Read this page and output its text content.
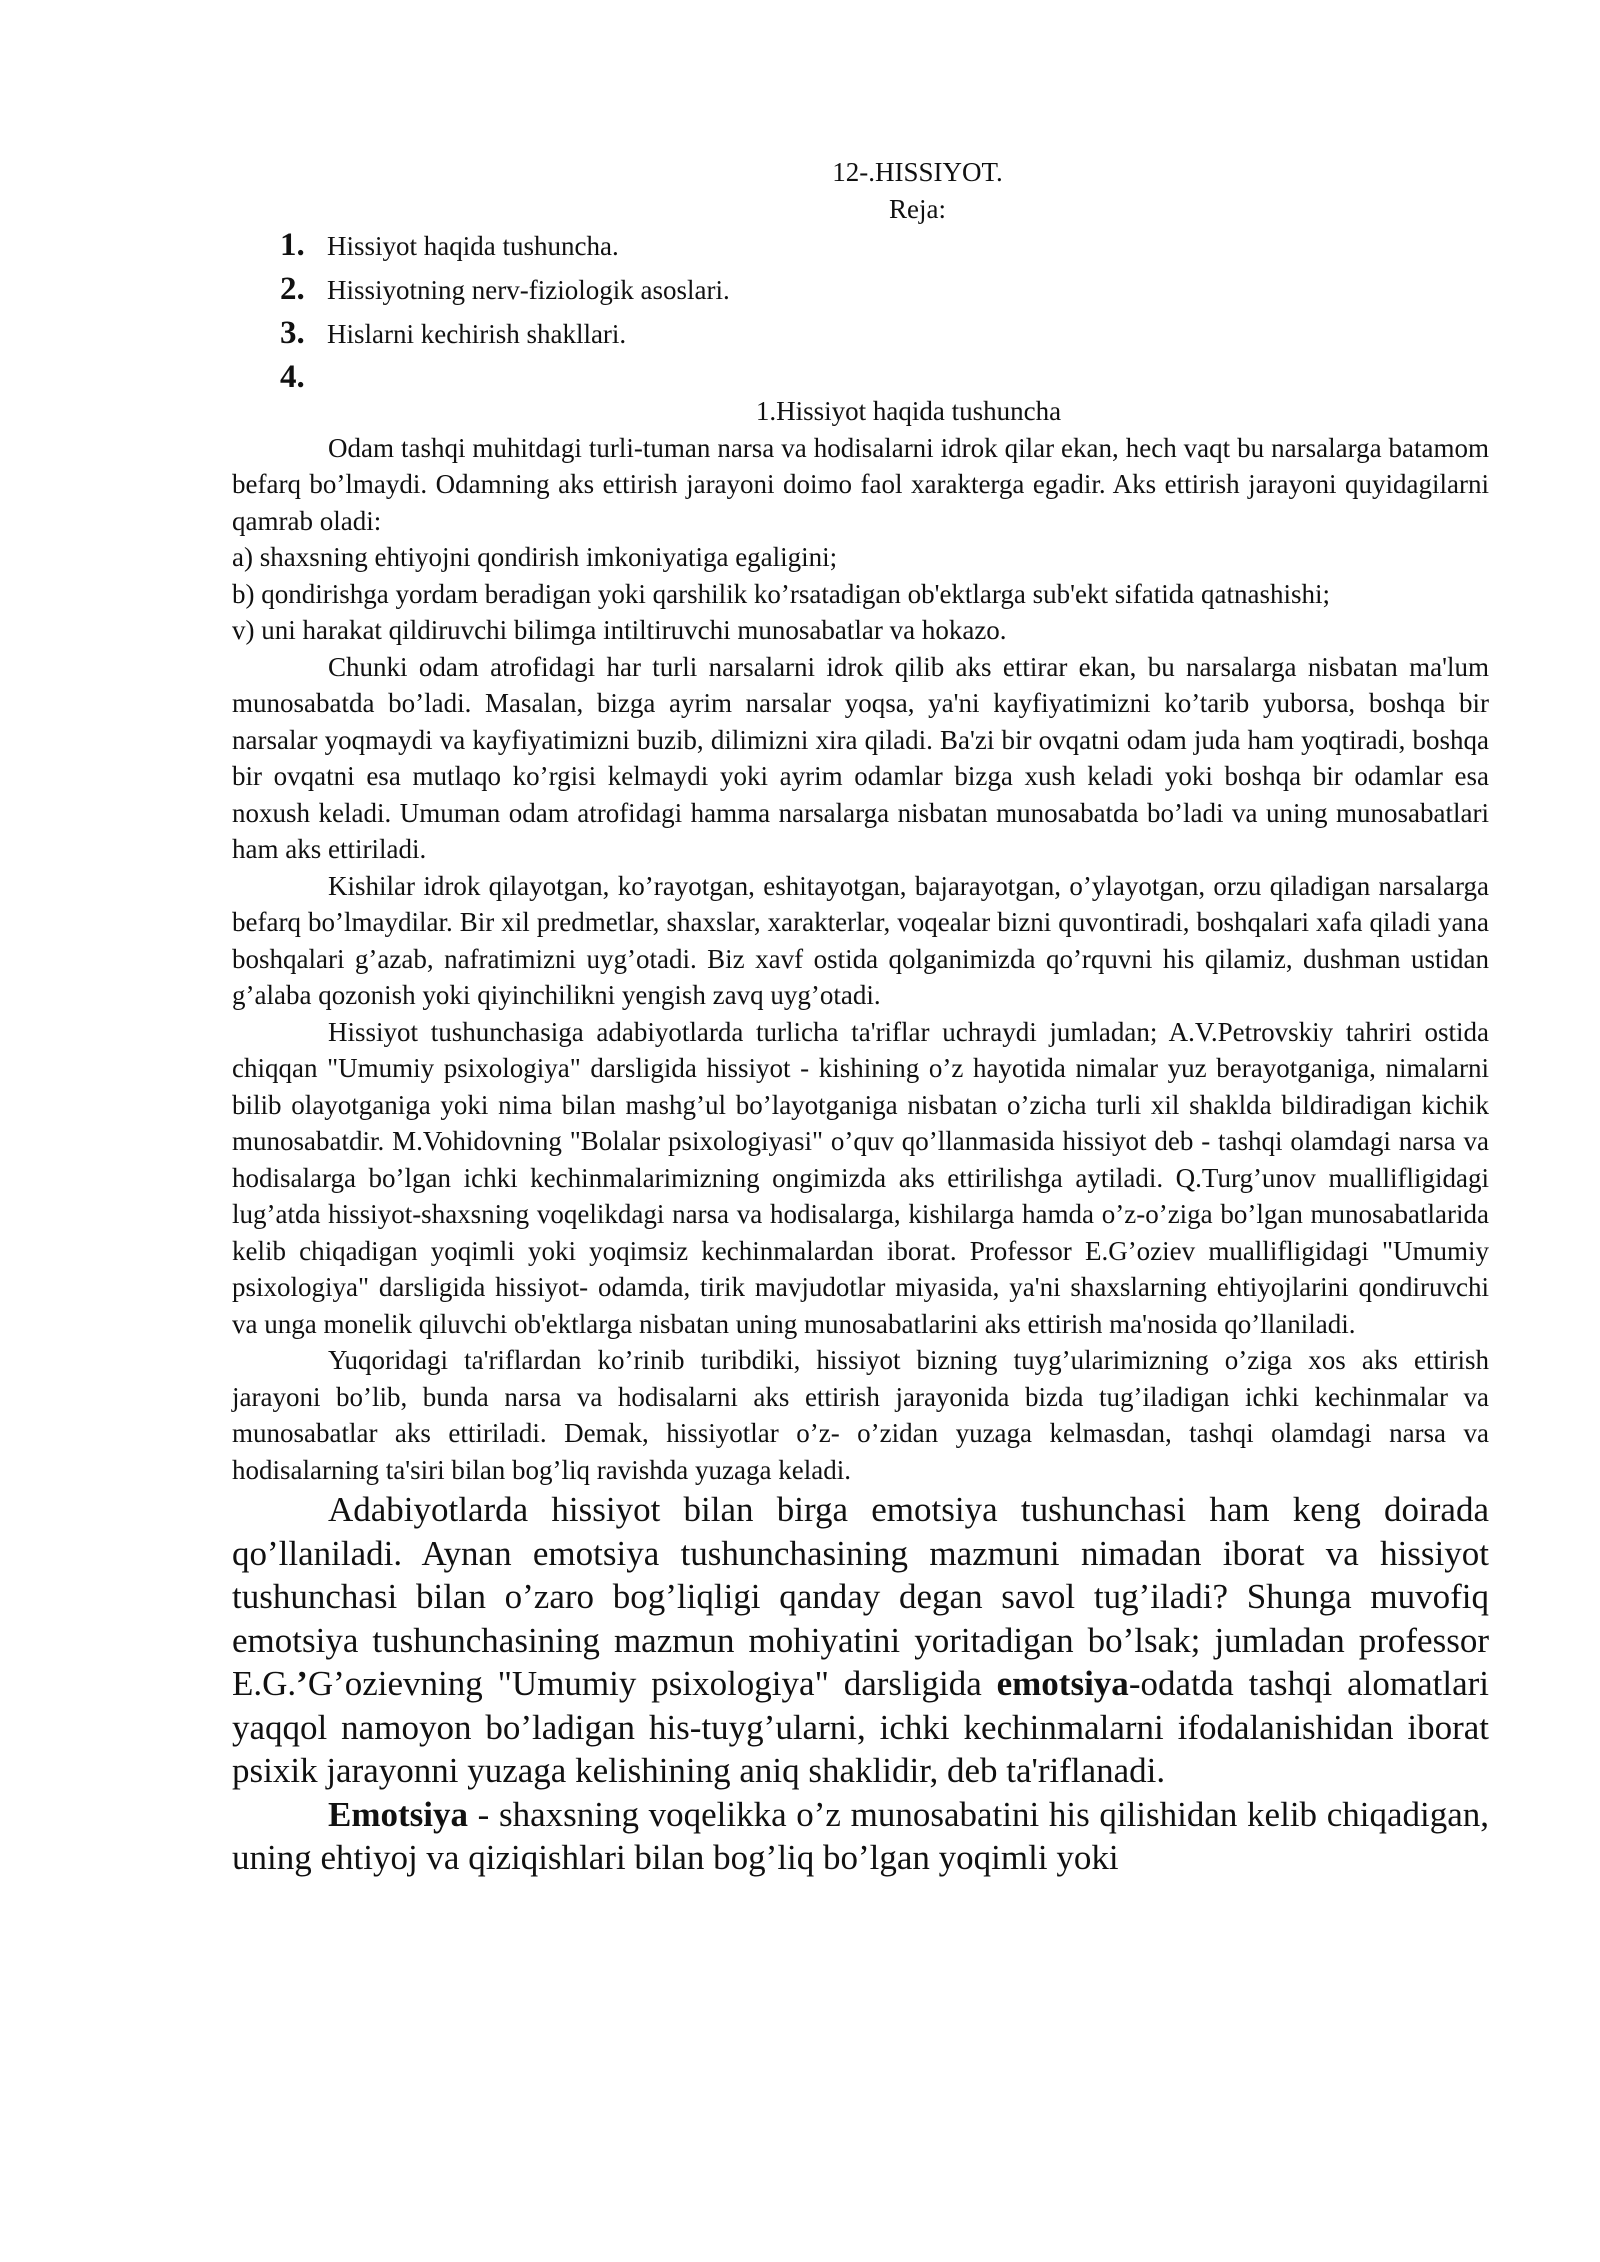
12-.HISSIYOT.
Reja:
1. Hissiyot haqida tushuncha.
2. Hissiyotning nerv-fiziologik asoslari.
3. Hislarni kechirish shakllari.
4.
1.Hissiyot haqida tushuncha

Odam tashqi muhitdagi turli-tuman narsa va hodisalarni idrok qilar ekan, hech vaqt bu narsalarga batamom befarq bo’lmaydi. Odamning aks ettirish jarayoni doimo faol xarakterga egadir. Aks ettirish jarayoni quyidagilarni qamrab oladi:

a) shaxsning ehtiyojni qondirish imkoniyatiga egaligini;

b) qondirishga yordam beradigan yoki qarshilik ko’rsatadigan ob'ektlarga sub'ekt sifatida qatnashishi;

v) uni harakat qildiruvchi bilimga intiltiruvchi munosabatlar va hokazo.

Chunki odam atrofidagi har turli narsalarni idrok qilib aks ettirar ekan, bu narsalarga nisbatan ma'lum munosabatda bo’ladi. Masalan, bizga ayrim narsalar yoqsa, ya'ni kayfiyatimizni ko’tarib yuborsa, boshqa bir narsalar yoqmaydi va kayfiyatimizni buzib, dilimizni xira qiladi. Ba'zi bir ovqatni odam juda ham yoqtiradi, boshqa bir ovqatni esa mutlaqo ko’rgisi kelmaydi yoki ayrim odamlar bizga xush keladi yoki boshqa bir odamlar esa noxush keladi. Umuman odam atrofidagi hamma narsalarga nisbatan munosabatda bo’ladi va uning munosabatlari ham aks ettiriladi.

Kishilar idrok qilayotgan, ko’rayotgan, eshitayotgan, bajarayotgan, o’ylayotgan, orzu qiladigan narsalarga befarq bo’lmaydilar. Bir xil predmetlar, shaxslar, xarakterlar, voqealar bizni quvontiradi, boshqalari xafa qiladi yana boshqalari g’azab, nafratimizni uyg’otadi. Biz xavf ostida qolganimizda qo’rquvni his qilamiz, dushman ustidan g’alaba qozonish yoki qiyinchilikni yengish zavq uyg’otadi.

Hissiyot tushunchasiga adabiyotlarda turlicha ta'riflar uchraydi jumladan; A.V.Petrovskiy tahriri ostida chiqqan "Umumiy psixologiya" darsligida hissiyot - kishining o’z hayotida nimalar yuz berayotganiga, nimalarni bilib olayotganiga yoki nima bilan mashg’ul bo’layotganiga nisbatan o’zicha turli xil shaklda bildiradigan kichik munosabatdir. M.Vohidovning "Bolalar psixologiyasi" o’quv qo’llanmasida hissiyot deb - tashqi olamdagi narsa va hodisalarga bo’lgan ichki kechinmalarimizning ongimizda aks ettirilishga aytiladi. Q.Turg’unov muallifligidagi lug’atda hissiyot-shaxsning voqelikdagi narsa va hodisalarga, kishilarga hamda o’z-o’ziga bo’lgan munosabatlarida kelib chiqadigan yoqimli yoki yoqimsiz kechinmalardan iborat. Professor E.G’oziev muallifligidagi "Umumiy psixologiya" darsligida hissiyot- odamda, tirik mavjudotlar miyasida, ya'ni shaxslarning ehtiyojlarini qondiruvchi va unga monelik qiluvchi ob'ektlarga nisbatan uning munosabatlarini aks ettirish ma'nosida qo’llaniladi.

Yuqoridagi ta'riflardan ko’rinib turibdiki, hissiyot bizning tuyg’ularimizning o’ziga xos aks ettirish jarayoni bo’lib, bunda narsa va hodisalarni aks ettirish jarayonida bizda tug’iladigan ichki kechinmalar va munosabatlar aks ettiriladi. Demak, hissiyotlar o’z- o’zidan yuzaga kelmasdan, tashqi olamdagi narsa va hodisalarning ta'siri bilan bog’liq ravishda yuzaga keladi.

Adabiyotlarda hissiyot bilan birga emotsiya tushunchasi ham keng doirada qo’llaniladi. Aynan emotsiya tushunchasining mazmuni nimadan iborat va hissiyot tushunchasi bilan o’zaro bog’liqligi qanday degan savol tug’iladi? Shunga muvofiq emotsiya tushunchasining mazmun mohiyatini yoritadigan bo’lsak; jumladan professor E.G.’G’ozievning "Umumiy psixologiya" darsligida emotsiya-odatda tashqi alomatlari yaqqol namoyon bo’ladigan his-tuyg’ularni, ichki kechinmalarni ifodalanishidan iborat psixik jarayonni yuzaga kelishining aniq shaklidir, deb ta'riflanadi.

Emotsiya - shaxsning voqelikka o’z munosabatini his qilishidan kelib chiqadigan, uning ehtiyoj va qiziqishlari bilan bog’liq bo’lgan yoqimli yoki
